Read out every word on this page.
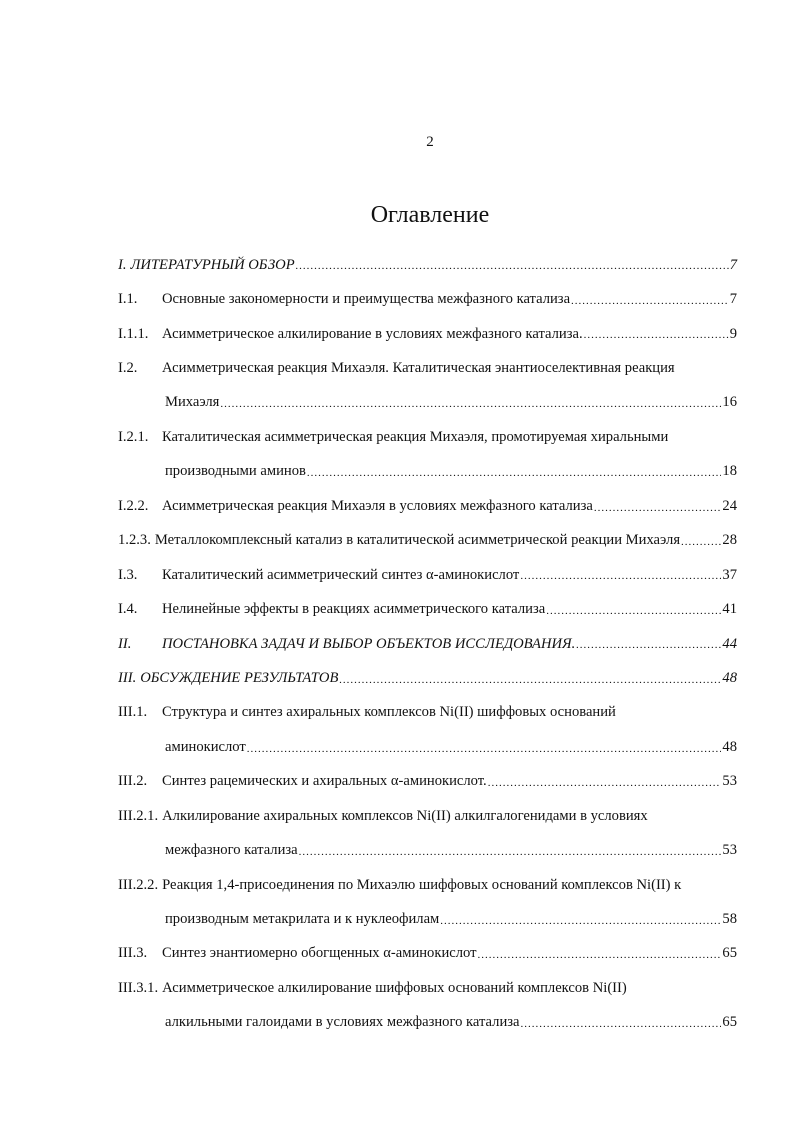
2
Оглавление
I. ЛИТЕРАТУРНЫЙ ОБЗОР .....	7
I.1.	Основные закономерности и преимущества межфазного катализа .....	7
I.1.1. Асимметрическое алкилирование в условиях межфазного катализа. .....	9
I.2.	Асимметрическая реакция Михаэля. Каталитическая энантиоселективная реакция
Михаэля .....	16
I.2.1. Каталитическая асимметрическая реакция Михаэля, промотируемая хиральными
производными аминов .....	18
I.2.2. Асимметрическая реакция Михаэля в условиях межфазного катализа .....	24
1.2.3. Металлокомплексный катализ в каталитической асимметрической реакции Михаэля .....	28
I.3.	Каталитический асимметрический синтез α-аминокислот .....	37
I.4.	Нелинейные эффекты в реакциях асимметрического катализа .....	41
II.	ПОСТАНОВКА ЗАДАЧ И ВЫБОР ОБЪЕКТОВ ИССЛЕДОВАНИЯ. .....	44
III. ОБСУЖДЕНИЕ РЕЗУЛЬТАТОВ .....	48
III.1.	Структура и синтез ахиральных комплексов Ni(II) шиффовых оснований
аминокислот .....	48
III.2.	Синтез рацемических и ахиральных α-аминокислот. .....	53
III.2.1. Алкилирование ахиральных комплексов Ni(II) алкилгалогенидами в условиях
межфазного катализа .....	53
III.2.2. Реакция 1,4-присоединения по Михаэлю шиффовых оснований комплексов Ni(II) к
производным метакрилата и к нуклеофилам .....	58
III.3.	Синтез энантиомерно обогщенных α-аминокислот .....	65
III.3.1. Асимметрическое алкилирование шиффовых оснований комплексов Ni(II)
алкильными галоидами в условиях межфазного катализа .....	65
